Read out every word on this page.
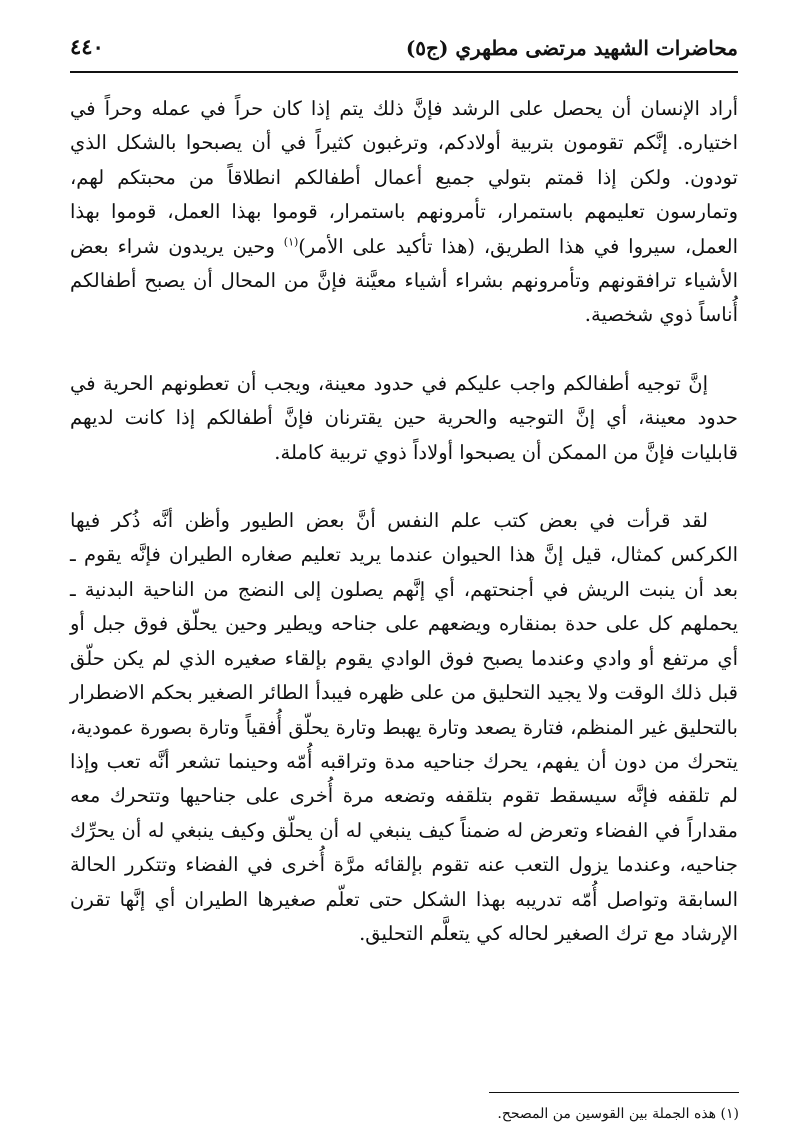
محاضرات الشهيد مرتضى مطهري (ج٥)
٤٤٠

أراد الإنسان أن يحصل على الرشد فإنَّ ذلك يتم إذا كان حراً في عمله وحراً في اختياره. إنَّكم تقومون بتربية أولادكم، وترغبون كثيراً في أن يصبحوا بالشكل الذي تودون. ولكن إذا قمتم بتولي جميع أعمال أطفالكم انطلاقاً من محبتكم لهم، وتمارسون تعليمهم باستمرار، تأمرونهم باستمرار، قوموا بهذا العمل، قوموا بهذا العمل، سيروا في هذا الطريق، (هذا تأكيد على الأمر)$^{(١)}$ وحين يريدون شراء بعض الأشياء ترافقونهم وتأمرونهم بشراء أشياء معيَّنة فإنَّ من المحال أن يصبح أطفالكم أُناساً ذوي شخصية.

إنَّ توجيه أطفالكم واجب عليكم في حدود معينة، ويجب أن تعطونهم الحرية في حدود معينة، أي إنَّ التوجيه والحرية حين يقترنان فإنَّ أطفالكم إذا كانت لديهم قابليات فإنَّ من الممكن أن يصبحوا أولاداً ذوي تربية كاملة.

لقد قرأت في بعض كتب علم النفس أنَّ بعض الطيور وأظن أنَّه ذُكر فيها الكركس كمثال، قيل إنَّ هذا الحيوان عندما يريد تعليم صغاره الطيران فإنَّه يقوم ـ بعد أن ينبت الريش في أجنحتهم، أي إنَّهم يصلون إلى النضج من الناحية البدنية ـ يحملهم كل على حدة بمنقاره ويضعهم على جناحه ويطير وحين يحلّق فوق جبل أو أي مرتفع أو وادي وعندما يصبح فوق الوادي يقوم بإلقاء صغيره الذي لم يكن حلّق قبل ذلك الوقت ولا يجيد التحليق من على ظهره فيبدأ الطائر الصغير بحكم الاضطرار بالتحليق غير المنظم، فتارة يصعد وتارة يهبط وتارة يحلّق أُفقياً وتارة بصورة عمودية، يتحرك من دون أن يفهم، يحرك جناحيه مدة وتراقبه أُمّه وحينما تشعر أنَّه تعب وإذا لم تلقفه فإنَّه سيسقط تقوم بتلقفه وتضعه مرة أُخرى على جناحيها وتتحرك معه مقداراً في الفضاء وتعرض له ضمناً كيف ينبغي له أن يحلّق وكيف ينبغي له أن يحرِّك جناحيه، وعندما يزول التعب عنه تقوم بإلقائه مرَّة أُخرى في الفضاء وتتكرر الحالة السابقة وتواصل أُمّه تدريبه بهذا الشكل حتى تعلّم صغيرها الطيران أي إنَّها تقرن الإرشاد مع ترك الصغير لحاله كي يتعلَّم التحليق.

(١) هذه الجملة بين القوسين من المصحح.
